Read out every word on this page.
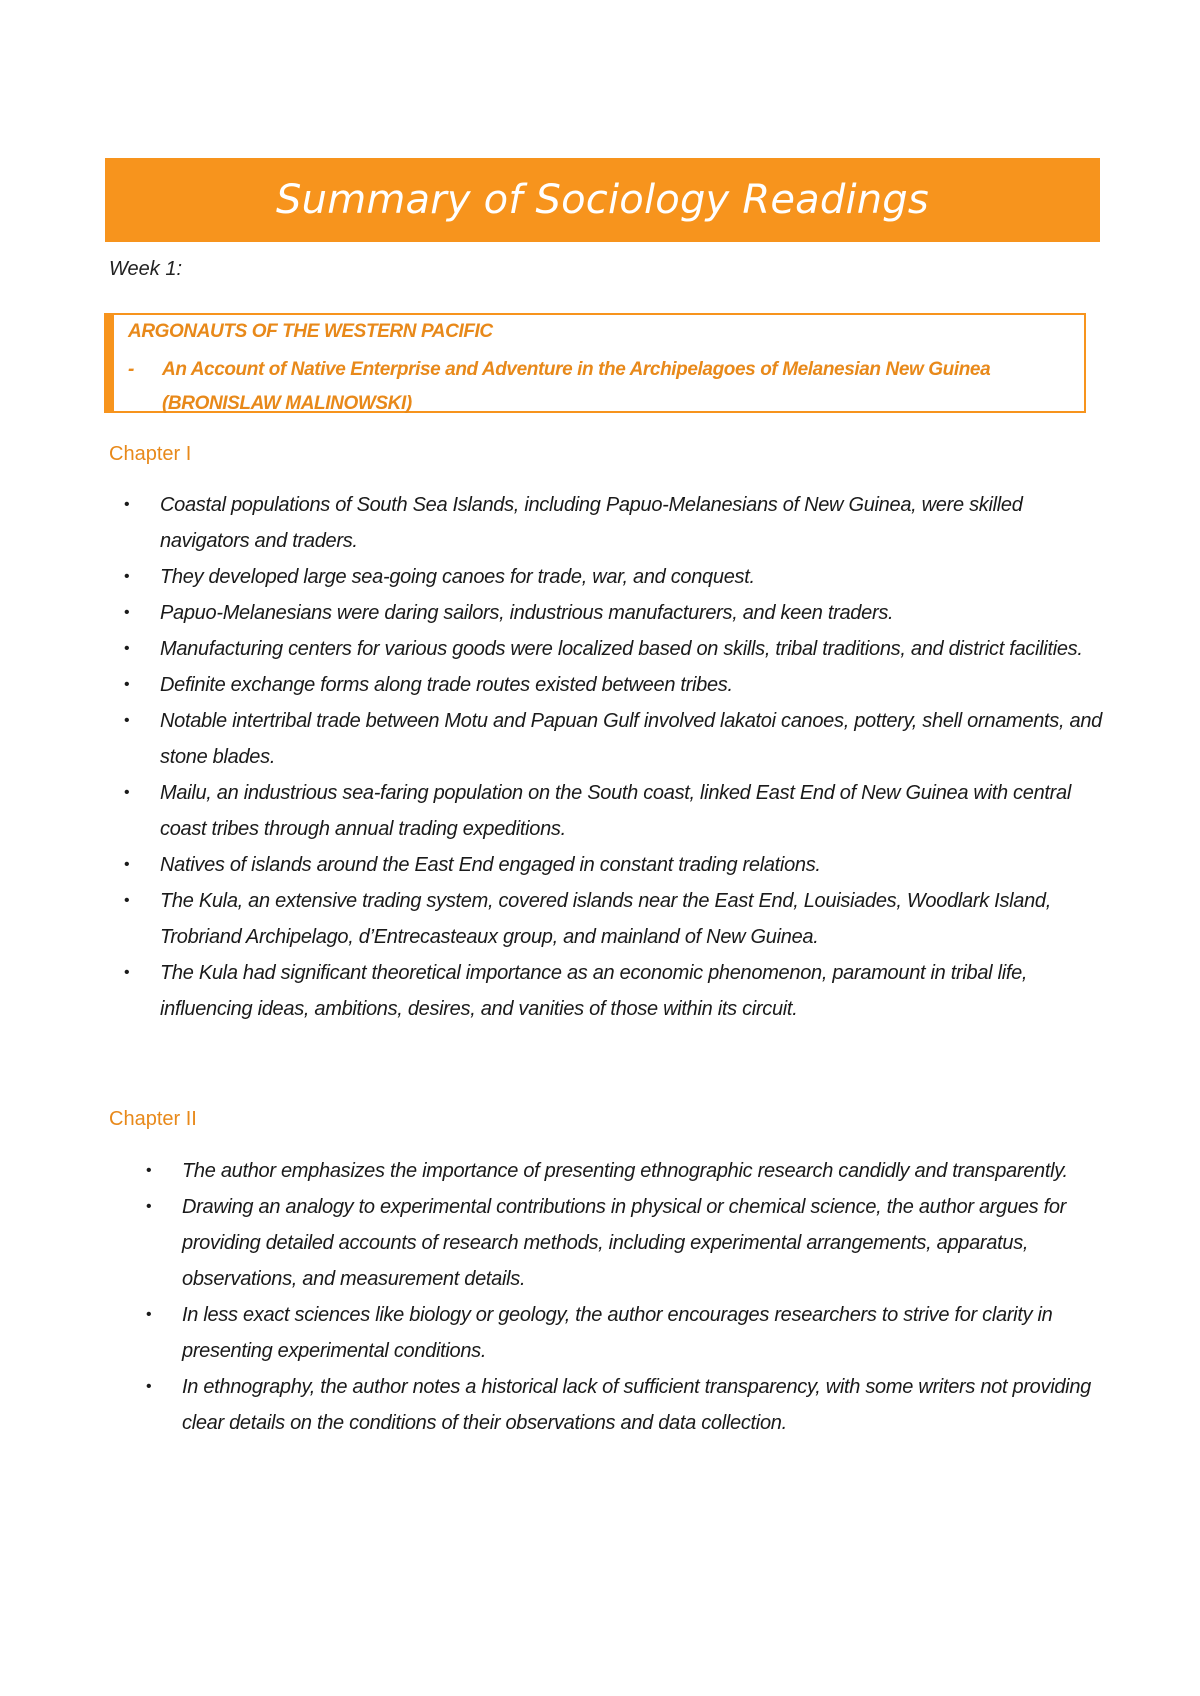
Summary of Sociology Readings
Week 1:
ARGONAUTS OF THE WESTERN PACIFIC
-	An Account of Native Enterprise and Adventure in the Archipelagoes of Melanesian New Guinea (BRONISLAW MALINOWSKI)
Chapter I
• Coastal populations of South Sea Islands, including Papuo-Melanesians of New Guinea, were skilled navigators and traders.
• They developed large sea-going canoes for trade, war, and conquest.
• Papuo-Melanesians were daring sailors, industrious manufacturers, and keen traders.
• Manufacturing centers for various goods were localized based on skills, tribal traditions, and district facilities.
• Definite exchange forms along trade routes existed between tribes.
• Notable intertribal trade between Motu and Papuan Gulf involved lakatoi canoes, pottery, shell ornaments, and stone blades.
• Mailu, an industrious sea-faring population on the South coast, linked East End of New Guinea with central coast tribes through annual trading expeditions.
• Natives of islands around the East End engaged in constant trading relations.
• The Kula, an extensive trading system, covered islands near the East End, Louisiades, Woodlark Island, Trobriand Archipelago, d’Entrecasteaux group, and mainland of New Guinea.
• The Kula had significant theoretical importance as an economic phenomenon, paramount in tribal life, influencing ideas, ambitions, desires, and vanities of those within its circuit.
Chapter II
• The author emphasizes the importance of presenting ethnographic research candidly and transparently.
• Drawing an analogy to experimental contributions in physical or chemical science, the author argues for providing detailed accounts of research methods, including experimental arrangements, apparatus, observations, and measurement details.
• In less exact sciences like biology or geology, the author encourages researchers to strive for clarity in presenting experimental conditions.
• In ethnography, the author notes a historical lack of sufficient transparency, with some writers not providing clear details on the conditions of their observations and data collection.
